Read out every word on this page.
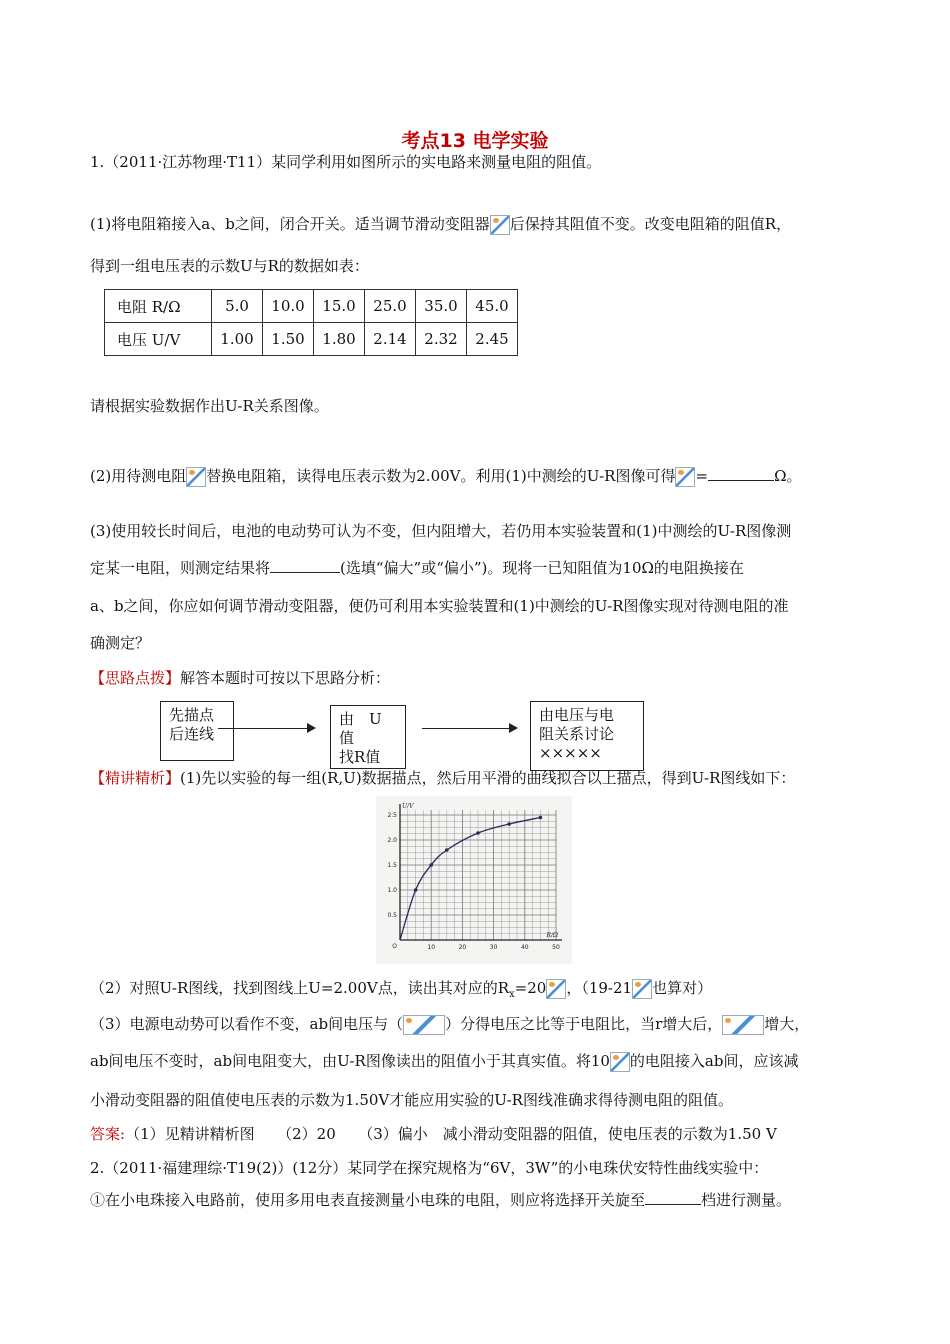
考点13 电学实验
1.（2011·江苏物理·T11）某同学利用如图所示的实电路来测量电阻的阻值。
(1)将电阻箱接入a、b之间，闭合开关。适当调节滑动变阻器 后保持其阻值不变。改变电阻箱的阻值R，
得到一组电压表的示数U与R的数据如表：
电阻 R/Ω	5.0	10.0	15.0	25.0	35.0	45.0
电压 U/V	1.00	1.50	1.80	2.14	2.32	2.45
请根据实验数据作出U-R关系图像。
(2)用待测电阻 替换电阻箱，读得电压表示数为2.00V。利用(1)中测绘的U-R图像可得 =	Ω。
(3)使用较长时间后，电池的电动势可认为不变，但内阻增大，若仍用本实验装置和(1)中测绘的U-R图像测
定某一电阻，则测定结果将	(选填“偏大”或“偏小”)。现将一已知阻值为10Ω的电阻换接在
a、b之间，你应如何调节滑动变阻器，便仍可利用本实验装置和(1)中测绘的U-R图像实现对待测电阻的准
确测定？
【思路点拨】解答本题时可按以下思路分析：
先描点后连线
由　U
值
找R值
由电压与电
阻关系讨论
×××××
【精讲精析】(1)先以实验的每一组(R,U)数据描点，然后用平滑的曲线拟合以上描点，得到U-R图线如下：
10	20	30	40	50
0.5
1.0
1.5
2.0
2.5
O
R/Ω
U/V
（2）对照U-R图线，找到图线上U=2.00V点，读出其对应的$R_x=20$ ，（19-21 也算对）
（3）电源电动势可以看作不变，ab间电压与（	）分得电压之比等于电阻比，当r增大后，	增大，
ab间电压不变时，ab间电阻变大，由U-R图像读出的阻值小于其真实值。将10 的电阻接入ab间，应该减
小滑动变阻器的阻值使电压表的示数为1.50V才能应用实验的U-R图线准确求得待测电阻的阻值。
答案:（1）见精讲精析图　　（2）20　　（3）偏小　减小滑动变阻器的阻值，使电压表的示数为1.50 V
2.（2011·福建理综·T19(2)）(12分）某同学在探究规格为“6V，3W”的小电珠伏安特性曲线实验中：
①在小电珠接入电路前，使用多用电表直接测量小电珠的电阻，则应将选择开关旋至	档进行测量。
